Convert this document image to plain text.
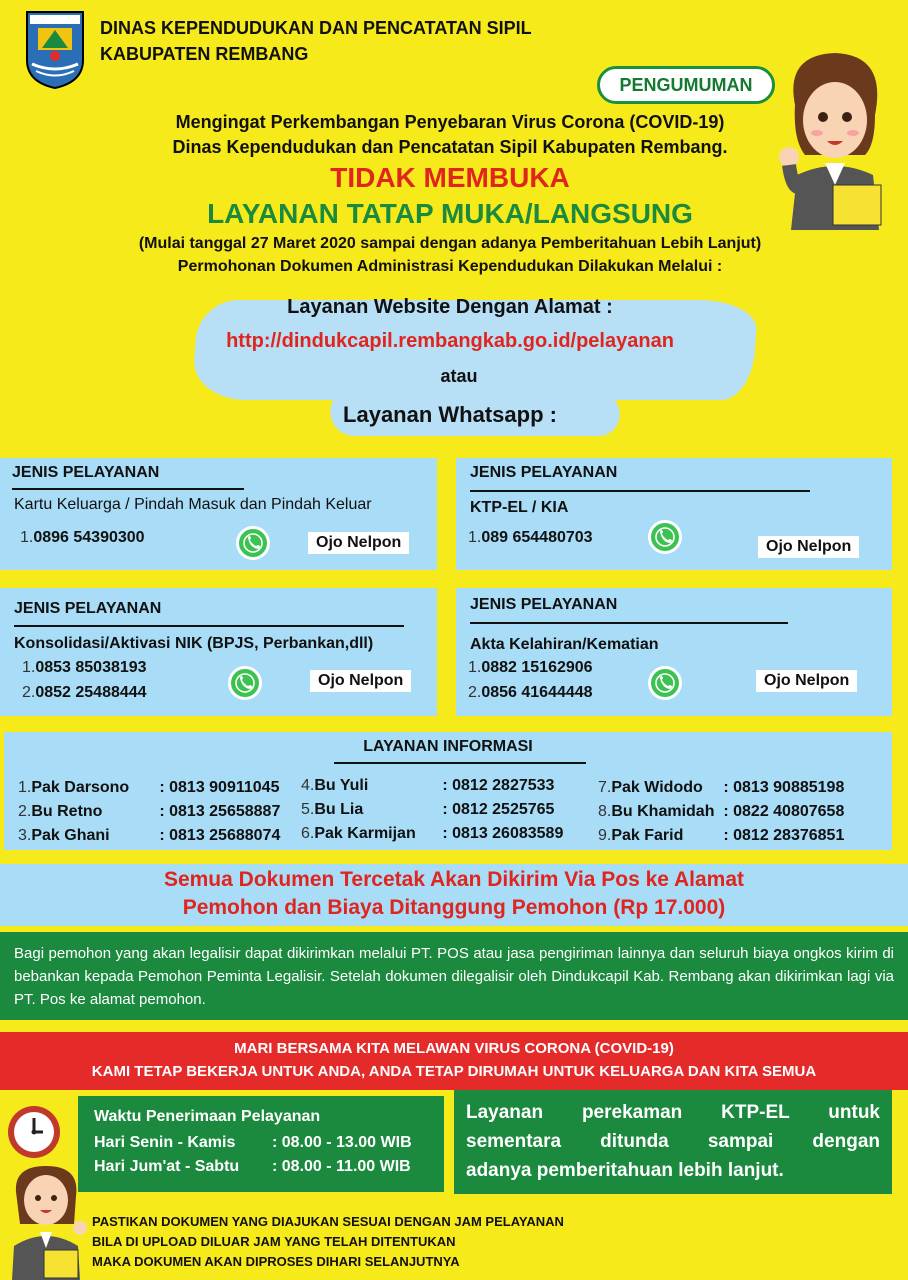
DINAS KEPENDUDUKAN DAN PENCATATAN SIPIL
KABUPATEN REMBANG
PENGUMUMAN
Mengingat Perkembangan Penyebaran Virus Corona (COVID-19)
Dinas Kependudukan dan Pencatatan Sipil Kabupaten Rembang.
TIDAK MEMBUKA
LAYANAN TATAP MUKA/LANGSUNG
(Mulai tanggal 27 Maret 2020 sampai dengan adanya Pemberitahuan Lebih Lanjut)
Permohonan Dokumen Administrasi Kependudukan Dilakukan Melalui :
Layanan Website Dengan Alamat :
http://dindukcapil.rembangkab.go.id/pelayanan
atau
Layanan Whatsapp :
JENIS PELAYANAN
Kartu Keluarga / Pindah Masuk dan Pindah Keluar
1.0896 54390300	Ojo Nelpon
JENIS PELAYANAN
KTP-EL / KIA
1.089 654480703
Ojo Nelpon
JENIS PELAYANAN
Konsolidasi/Aktivasi NIK (BPJS, Perbankan,dll)
1.0853 85038193
2.0852 25488444
Ojo Nelpon
JENIS PELAYANAN
Akta Kelahiran/Kematian
1.0882 15162906
2.0856 41644448
Ojo Nelpon
LAYANAN INFORMASI
1.Pak Darsono : 0813 90911045
2.Bu Retno	: 0813 25658887
3.Pak Ghani	: 0813 25688074
4.Bu Yuli	: 0812 2827533
5.Bu Lia	: 0812 2525765
6.Pak Karmijan : 0813 26083589
7.Pak Widodo : 0813 90885198
8.Bu Khamidah : 0822 40807658
9.Pak Farid : 0812 28376851
Semua Dokumen Tercetak Akan Dikirim Via Pos ke Alamat
Pemohon dan Biaya Ditanggung Pemohon (Rp 17.000)
Bagi pemohon yang akan legalisir dapat dikirimkan melalui PT. POS atau jasa pengiriman lainnya dan seluruh biaya ongkos kirim di bebankan kepada Pemohon Peminta Legalisir. Setelah dokumen dilegalisir oleh Dindukcapil Kab. Rembang akan dikirimkan lagi via PT. Pos ke alamat pemohon.
MARI BERSAMA KITA MELAWAN VIRUS CORONA (COVID-19)
KAMI TETAP BEKERJA UNTUK ANDA, ANDA TETAP DIRUMAH UNTUK KELUARGA DAN KITA SEMUA
Waktu Penerimaan Pelayanan
Hari Senin - Kamis : 08.00 - 13.00 WIB
Hari Jum'at - Sabtu : 08.00 - 11.00 WIB
Layanan perekaman KTP-EL untuk
sementara ditunda sampai dengan
adanya pemberitahuan lebih lanjut.
PASTIKAN DOKUMEN YANG DIAJUKAN SESUAI DENGAN JAM PELAYANAN
BILA DI UPLOAD DILUAR JAM YANG TELAH DITENTUKAN
MAKA DOKUMEN AKAN DIPROSES DIHARI SELANJUTNYA
